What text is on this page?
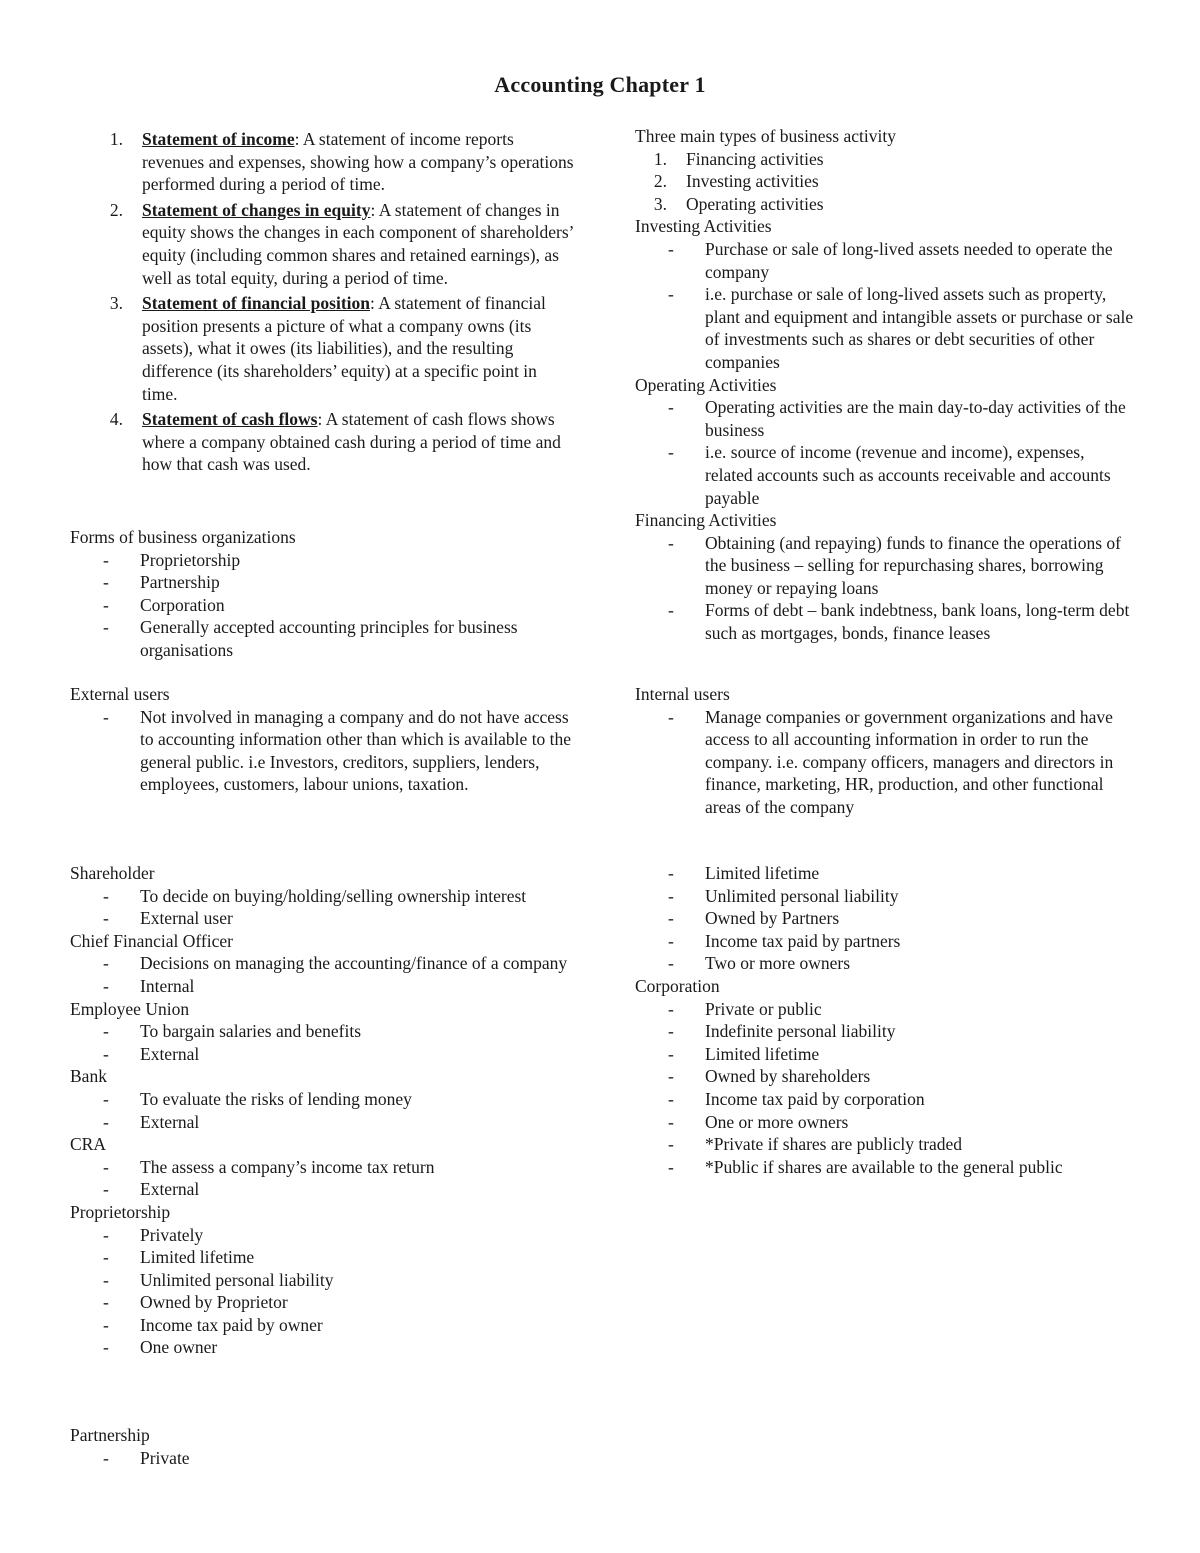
Accounting Chapter 1
1.	Statement of income: A statement of income reports revenues and expenses, showing how a company’s operations performed during a period of time.
2.	Statement of changes in equity: A statement of changes in equity shows the changes in each component of shareholders’ equity (including common shares and retained earnings), as well as total equity, during a period of time.
3.	Statement of financial position: A statement of financial position presents a picture of what a company owns (its assets), what it owes (its liabilities), and the resulting difference (its shareholders’ equity) at a specific point in time.
4.	Statement of cash flows: A statement of cash flows shows where a company obtained cash during a period of time and how that cash was used.
Forms of business organizations
-	Proprietorship
-	Partnership
-	Corporation
-	Generally accepted accounting principles for business organisations
External users
-	Not involved in managing a company and do not have access to accounting information other than which is available to the general public. i.e Investors, creditors, suppliers, lenders, employees, customers, labour unions, taxation.
Shareholder
-	To decide on buying/holding/selling ownership interest
-	External user
Chief Financial Officer
-	Decisions on managing the accounting/finance of a company
-	Internal
Employee Union
-	To bargain salaries and benefits
-	External
Bank
-	To evaluate the risks of lending money
-	External
CRA
-	The assess a company’s income tax return
-	External
Proprietorship
-	Privately
-	Limited lifetime
-	Unlimited personal liability
-	Owned by Proprietor
-	Income tax paid by owner
-	One owner
Partnership
-	Private
Three main types of business activity
1.	Financing activities
2.	Investing activities
3.	Operating activities
Investing Activities
-	Purchase or sale of long-lived assets needed to operate the company
-	i.e. purchase or sale of long-lived assets such as property, plant and equipment and intangible assets or purchase or sale of investments such as shares or debt securities of other companies
Operating Activities
-	Operating activities are the main day-to-day activities of the business
-	i.e. source of income (revenue and income), expenses, related accounts such as accounts receivable and accounts payable
Financing Activities
-	Obtaining (and repaying) funds to finance the operations of the business – selling for repurchasing shares, borrowing money or repaying loans
-	Forms of debt – bank indebtness, bank loans, long-term debt such as mortgages, bonds, finance leases
Internal users
-	Manage companies or government organizations and have access to all accounting information in order to run the company. i.e. company officers, managers and directors in finance, marketing, HR, production, and other functional areas of the company
-	Limited lifetime
-	Unlimited personal liability
-	Owned by Partners
-	Income tax paid by partners
-	Two or more owners
Corporation
-	Private or public
-	Indefinite personal liability
-	Limited lifetime
-	Owned by shareholders
-	Income tax paid by corporation
-	One or more owners
-	*Private if shares are publicly traded
-	*Public if shares are available to the general public
